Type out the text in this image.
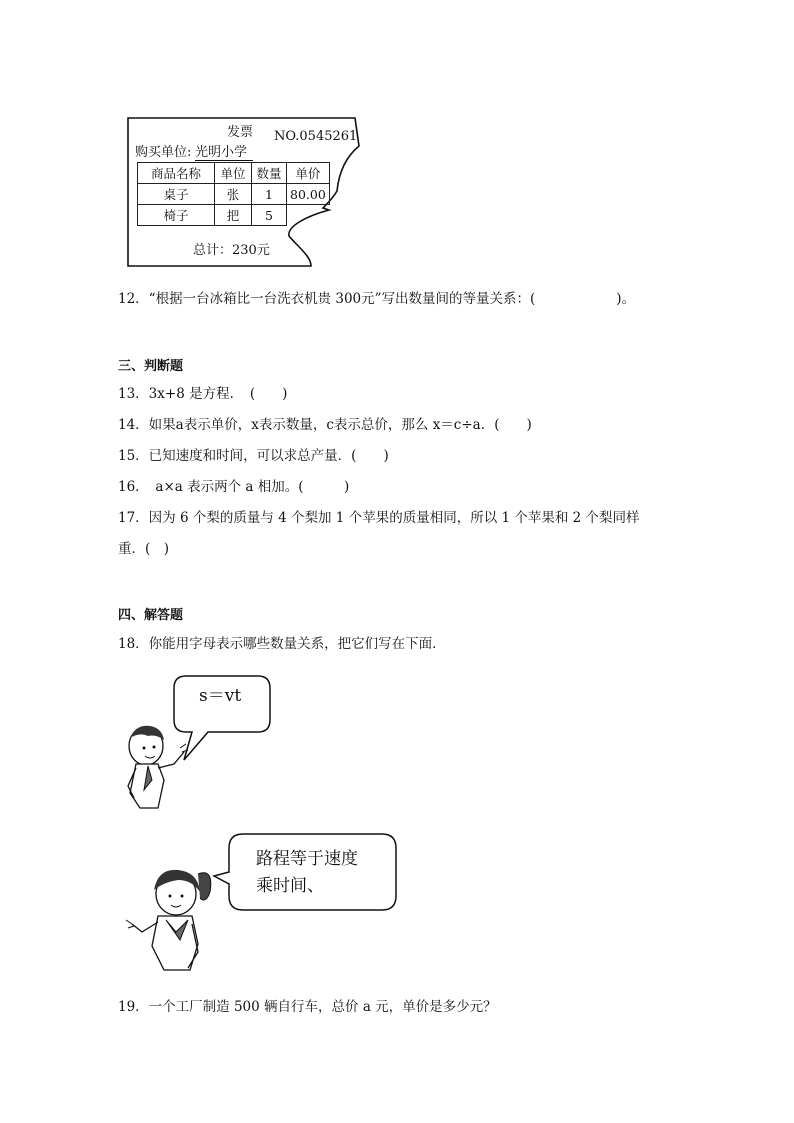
发票 NO.0545261
购买单位: 光明小学
商品名称	单位	数量	单价
桌子	张	1	80.00
椅子	把	5	
总计：230元
12．“根据一台冰箱比一台洗衣机贵 300元”写出数量间的等量关系：(　　　　　　)。
三、判断题
13．3x+8 是方程．　(　　)
14．如果a表示单价，x表示数量，c表示总价，那么 x＝c÷a．(　　)
15．已知速度和时间，可以求总产量．(　　)
16．　a×a 表示两个 a 相加。(　　　)
17．因为 6 个梨的质量与 4 个梨加 1 个苹果的质量相同，所以 1 个苹果和 2 个梨同样
重．(　)
四、解答题
18．你能用字母表示哪些数量关系，把它们写在下面．
s＝vt
路程等于速度
乘时间、
19．一个工厂制造 500 辆自行车，总价 a 元，单价是多少元？
